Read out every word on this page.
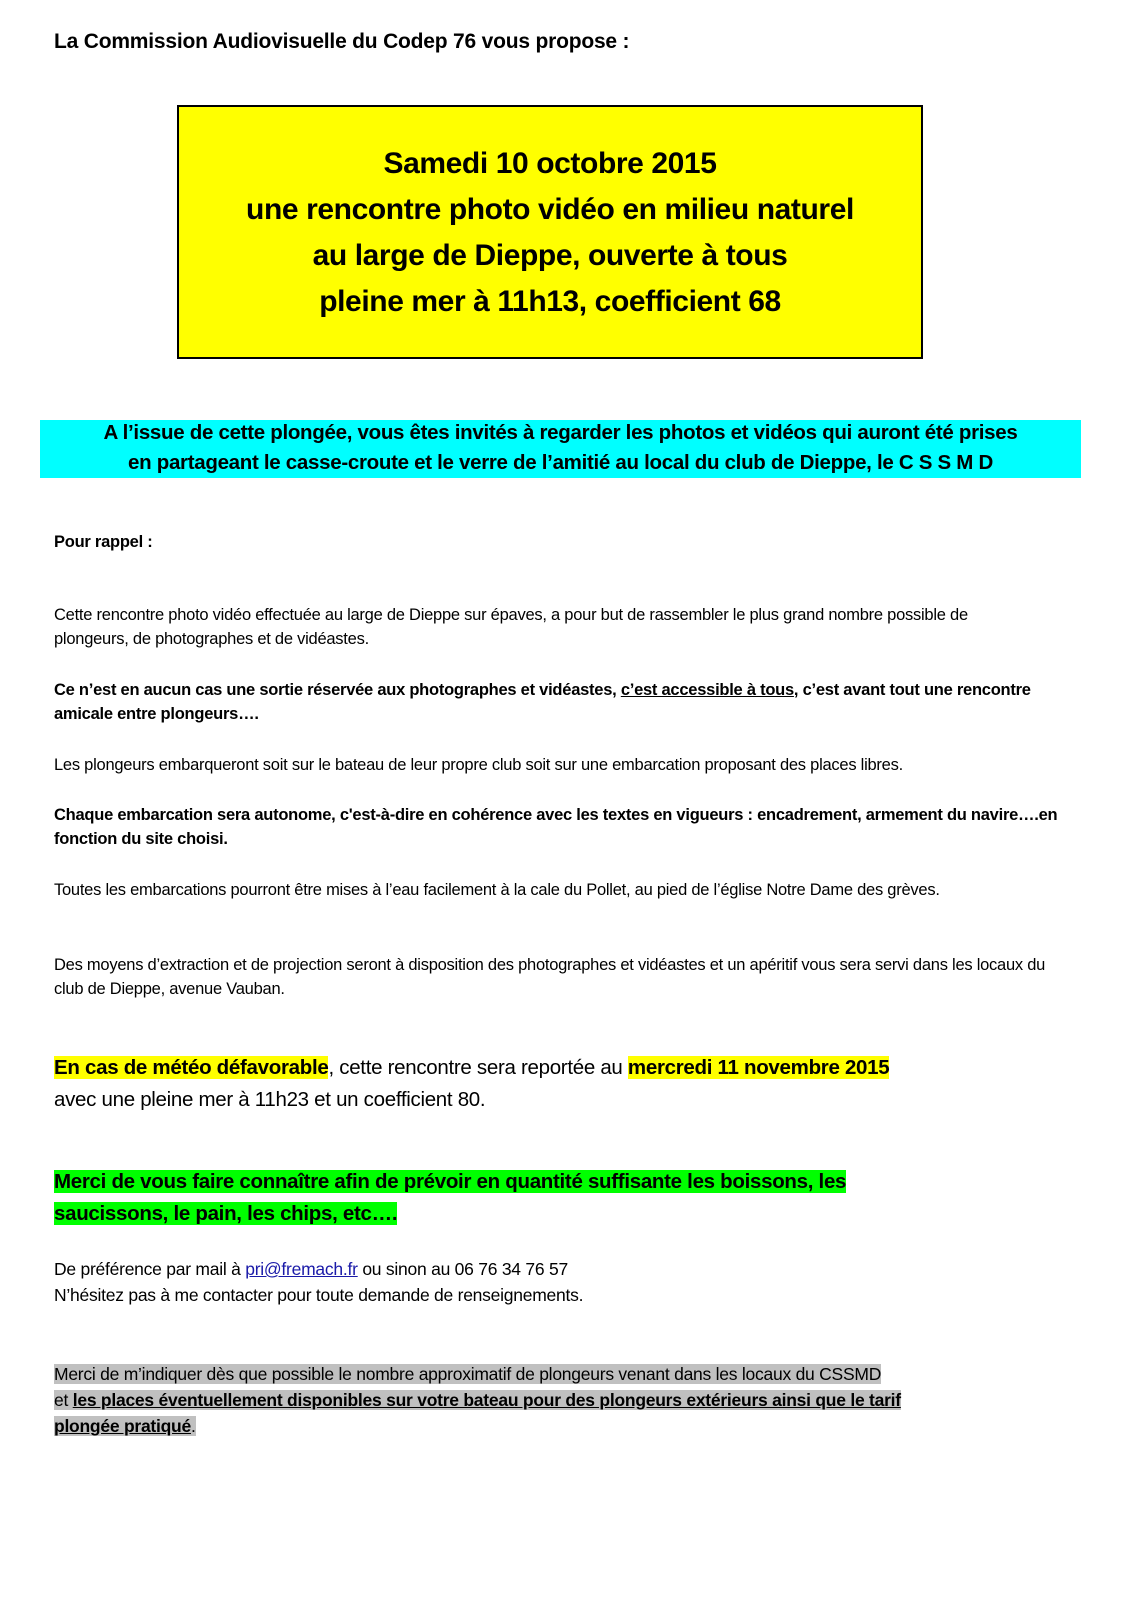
La Commission Audiovisuelle du Codep 76 vous propose :
Samedi 10 octobre 2015
une rencontre photo vidéo en milieu naturel
au large de Dieppe, ouverte à tous
pleine mer à 11h13, coefficient 68
A l’issue de cette plongée, vous êtes invités à regarder les photos et vidéos qui auront été prises
en partageant le casse-croute et le verre de l’amitié au local du club de Dieppe, le C S S M D
Pour rappel :
Cette rencontre photo vidéo effectuée au large de Dieppe sur épaves, a pour but de rassembler le plus grand nombre possible de plongeurs, de photographes et de vidéastes.
Ce n’est en aucun cas une sortie réservée aux photographes et vidéastes, c’est accessible à tous, c’est avant tout une rencontre amicale entre plongeurs….
Les plongeurs embarqueront soit sur le bateau de leur propre club soit sur une embarcation proposant des places libres.
Chaque embarcation sera autonome, c'est-à-dire en cohérence avec les textes en vigueurs : encadrement, armement du navire….en fonction du site choisi.
Toutes les embarcations pourront être mises à l’eau facilement à la cale du Pollet, au pied de l’église Notre Dame des grèves.
Des moyens d’extraction et de projection seront à disposition des photographes et vidéastes et un apéritif vous sera servi dans les locaux du club de Dieppe, avenue Vauban.
En cas de météo défavorable, cette rencontre sera reportée au mercredi 11 novembre 2015
avec une pleine mer à 11h23 et un coefficient 80.
Merci de vous faire connaître afin de prévoir en quantité suffisante les boissons, les
saucissons, le pain, les chips, etc….
De préférence par mail à pri@fremach.fr ou sinon au 06 76 34 76 57
N’hésitez pas à me contacter pour toute demande de renseignements.
Merci de m’indiquer dès que possible le nombre approximatif de plongeurs venant dans les locaux du CSSMD
et les places éventuellement disponibles sur votre bateau pour des plongeurs extérieurs ainsi que le tarif
plongée pratiqué.
